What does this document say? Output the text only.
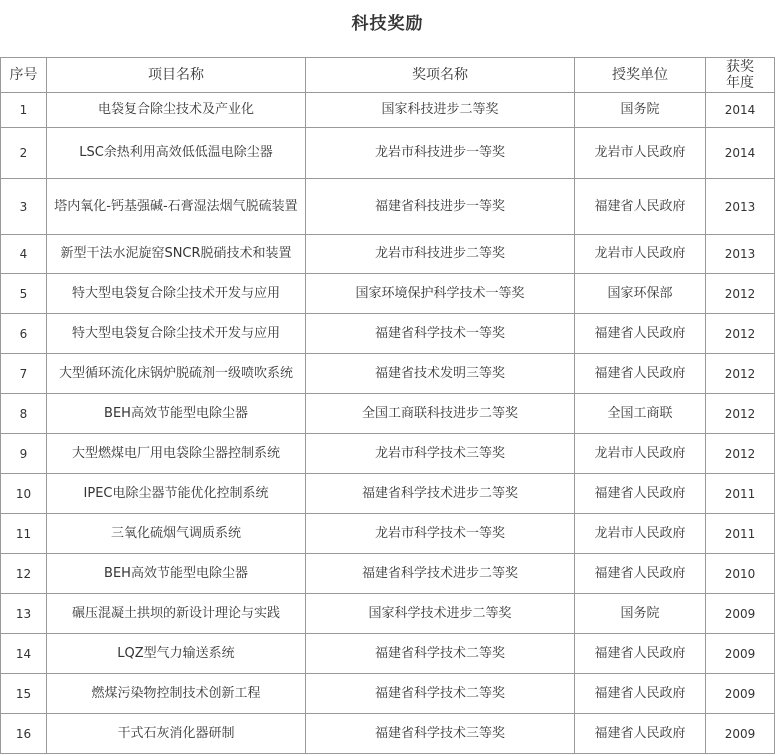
科技奖励
序号	项目名称	奖项名称	授奖单位	获奖
年度

1	电袋复合除尘技术及产业化	国家科技进步二等奖	国务院	2014
2	LSC余热利用高效低低温电除尘器	龙岩市科技进步一等奖	龙岩市人民政府	2014
3	塔内氧化-钙基强碱-石膏湿法烟气脱硫装置	福建省科技进步一等奖	福建省人民政府	2013
4	新型干法水泥旋窑SNCR脱硝技术和装置	龙岩市科技进步二等奖	龙岩市人民政府	2013
5	特大型电袋复合除尘技术开发与应用	国家环境保护科学技术一等奖	国家环保部	2012
6	特大型电袋复合除尘技术开发与应用	福建省科学技术一等奖	福建省人民政府	2012
7	大型循环流化床锅炉脱硫剂一级喷吹系统	福建省技术发明三等奖	福建省人民政府	2012
8	BEH高效节能型电除尘器	全国工商联科技进步二等奖	全国工商联	2012
9	大型燃煤电厂用电袋除尘器控制系统	龙岩市科学技术三等奖	龙岩市人民政府	2012
10	IPEC电除尘器节能优化控制系统	福建省科学技术进步二等奖	福建省人民政府	2011
11	三氧化硫烟气调质系统	龙岩市科学技术一等奖	龙岩市人民政府	2011
12	BEH高效节能型电除尘器	福建省科学技术进步二等奖	福建省人民政府	2010
13	碾压混凝土拱坝的新设计理论与实践	国家科学技术进步二等奖	国务院	2009
14	LQZ型气力输送系统	福建省科学技术二等奖	福建省人民政府	2009
15	燃煤污染物控制技术创新工程	福建省科学技术二等奖	福建省人民政府	2009
16	干式石灰消化器研制	福建省科学技术三等奖	福建省人民政府	2009
